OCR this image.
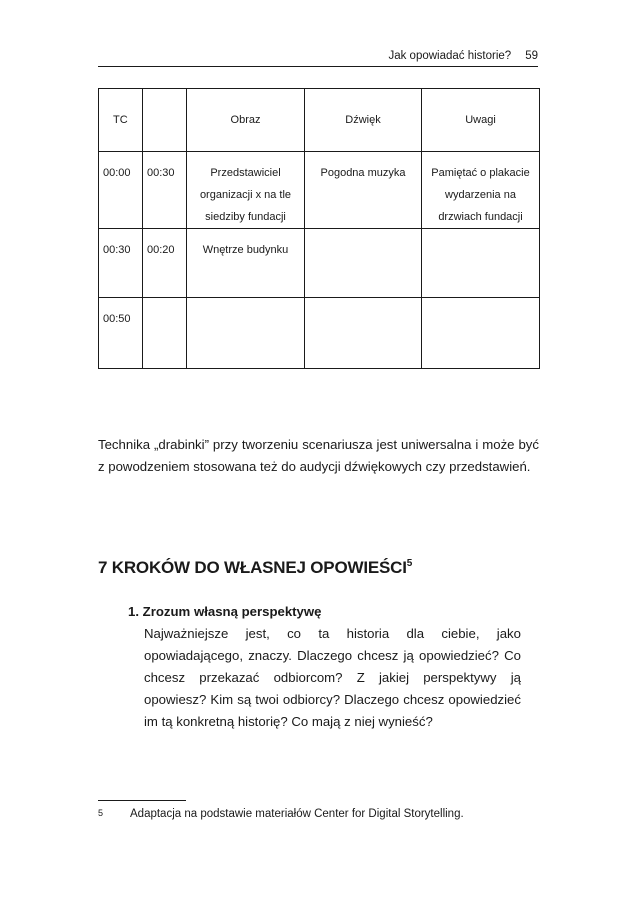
Jak opowiadać historie? 59
TC		Obraz	Dźwięk	Uwagi
00:00	00:30	Przedstawiciel organizacji x na tle siedziby fundacji	Pogodna muzyka	Pamiętać o plakacie wydarzenia na drzwiach fundacji
00:30	00:20	Wnętrze budynku		
00:50				

Technika „drabinki” przy tworzeniu scenariusza jest uniwersalna i może być z powodzeniem stosowana też do audycji dźwiękowych czy przedstawień.

7 KROKÓW DO WŁASNEJ OPOWIEŚCI$^5$
1. Zrozum własną perspektywę
Najważniejsze jest, co ta historia dla ciebie, jako opowiadającego, znaczy. Dlaczego chcesz ją opowiedzieć? Co chcesz przekazać odbiorcom? Z jakiej perspektywy ją opowiesz? Kim są twoi odbiorcy? Dlaczego chcesz opowiedzieć im tą konkretną historię? Co mają z niej wynieść?
5 Adaptacja na podstawie materiałów Center for Digital Storytelling.
